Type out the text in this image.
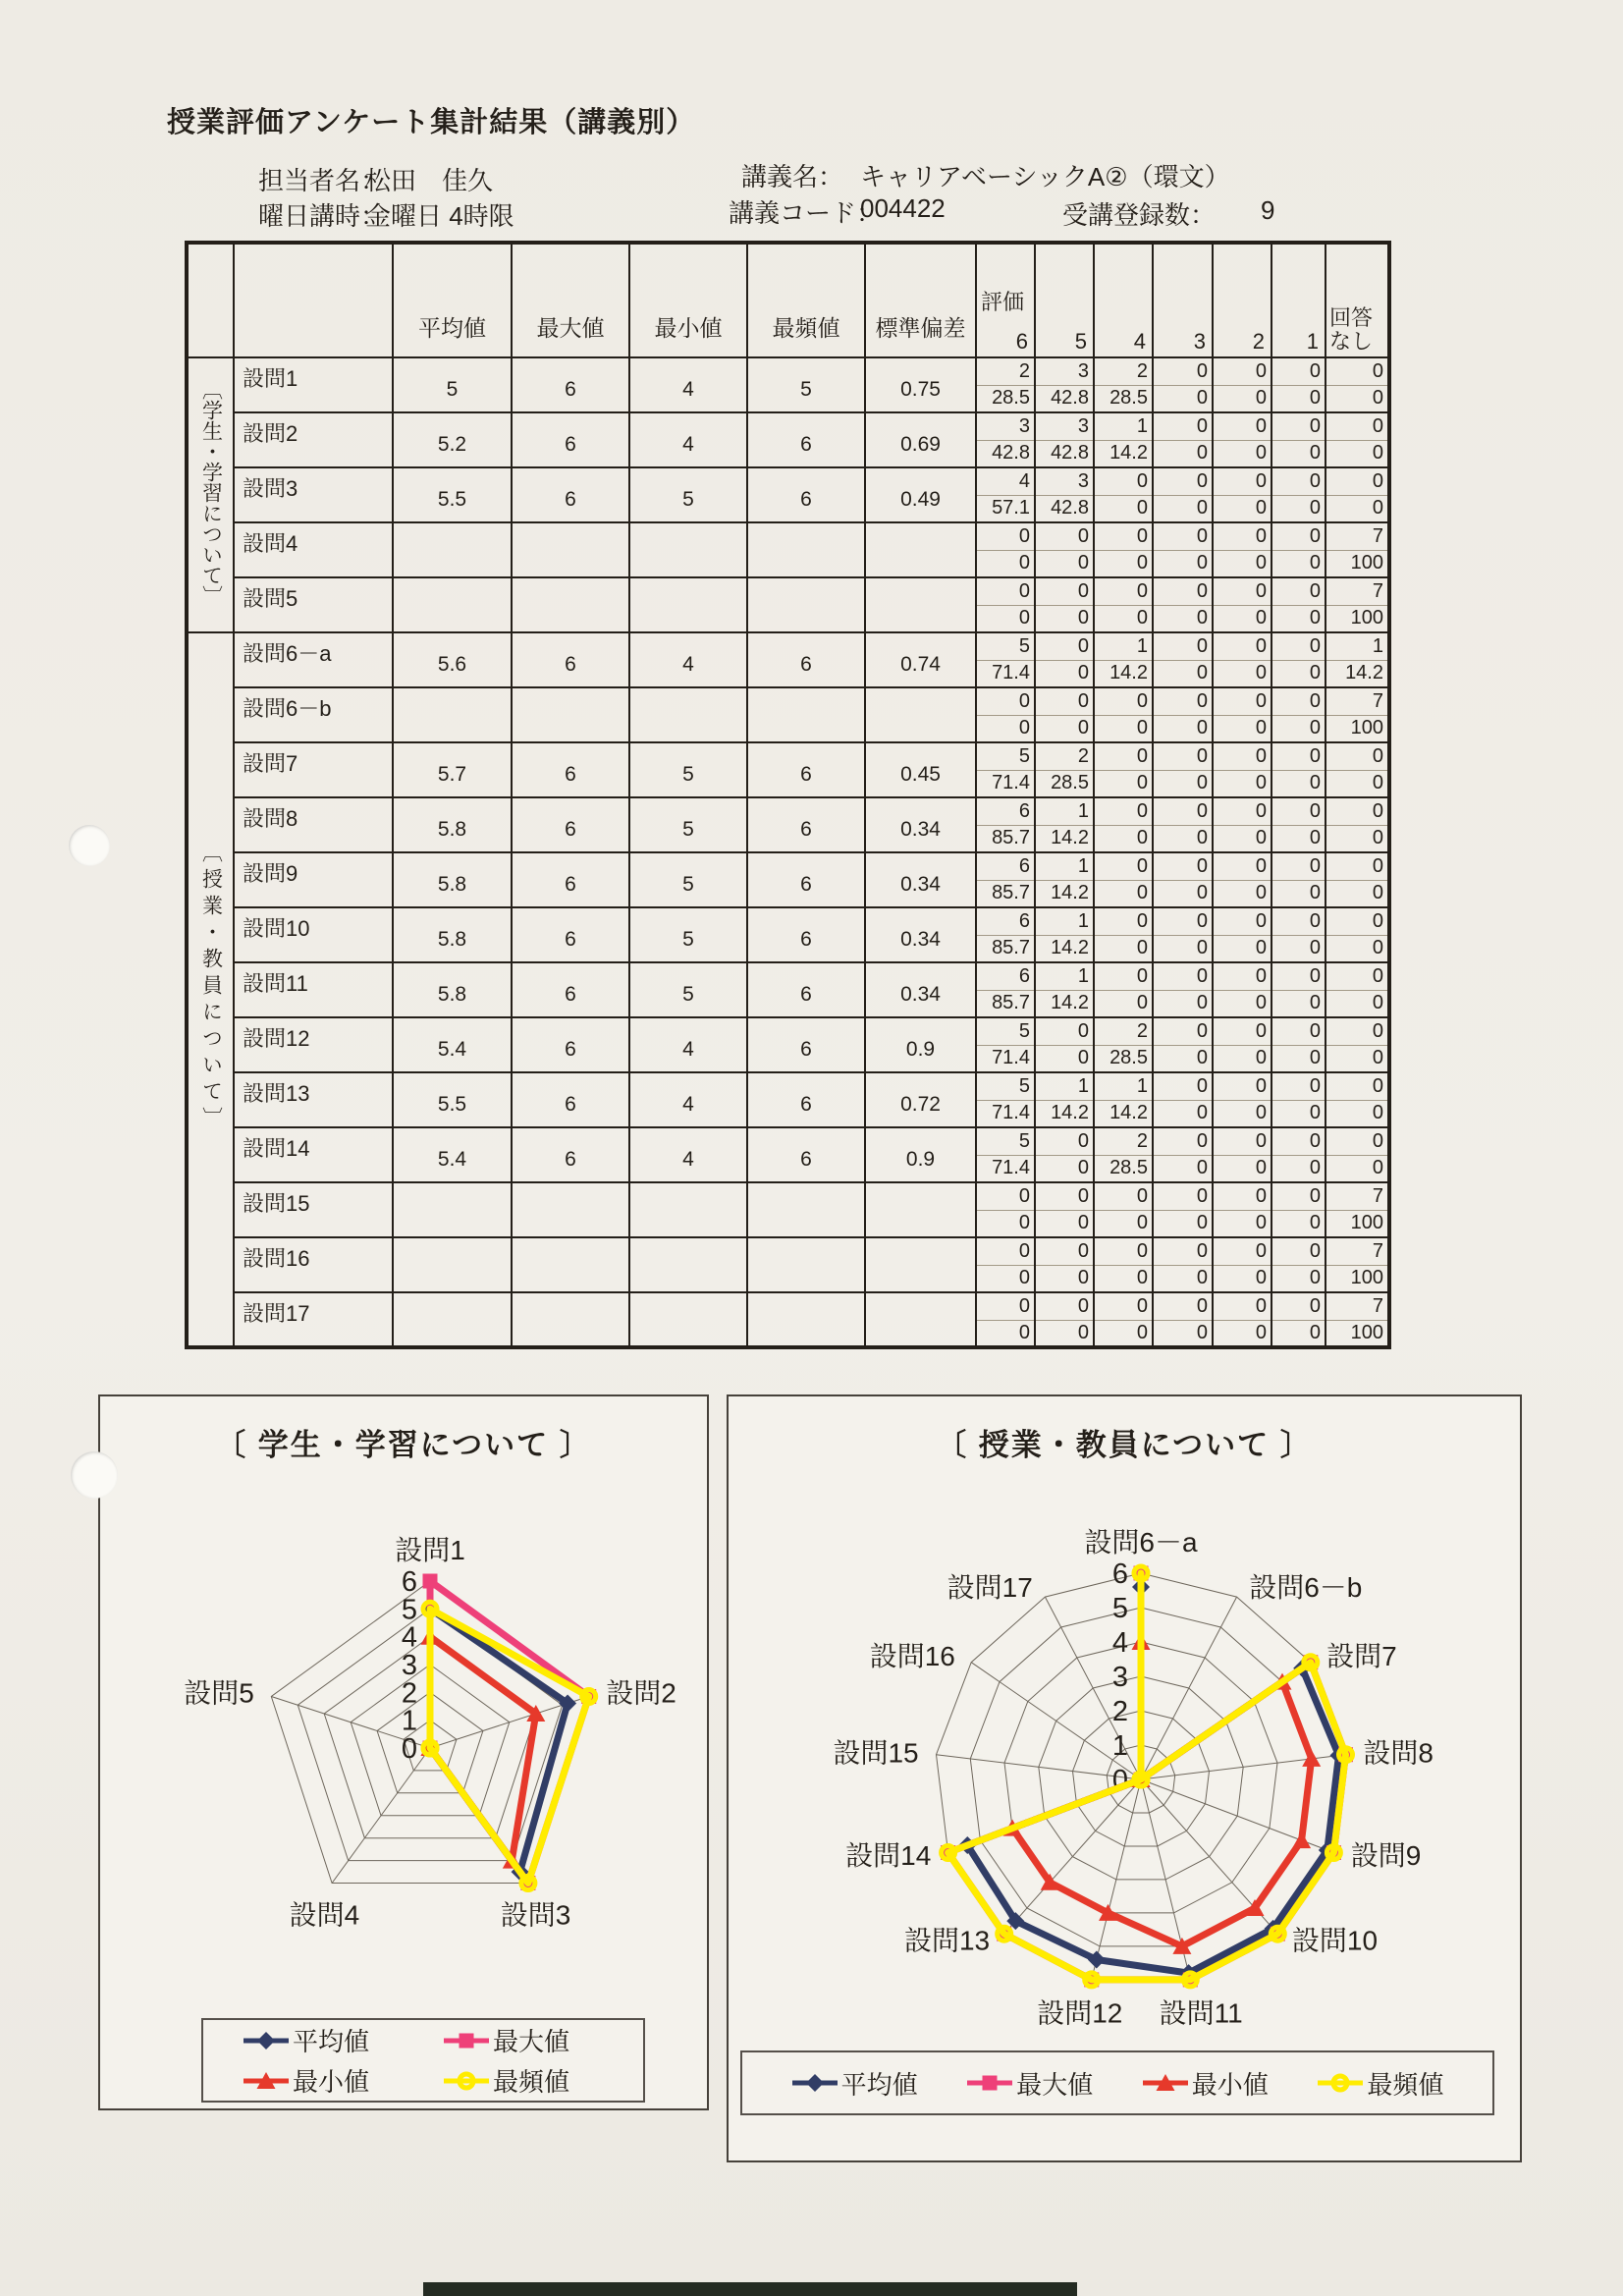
授業評価アンケート集計結果（講義別）
担当者名：
松田　佳久	講義名： キャリアベーシックA②（環文）
曜日講時：
金曜日 4時限	講義コード：
004422	受講登録数： 9
		平均値	最大値	最小値	最頻値	標準偏差	
評価
6	5	4	3	2	1	回答
なし
〔学生・学習について〕	設問1	5	6	4	5	0.75	2	3	2	0	0	0	0
							28.5	42.8	28.5	0	0	0	0
	設問2	5.2	6	4	6	0.69	3	3	1	0	0	0	0
							42.8	42.8	14.2	0	0	0	0
	設問3	5.5	6	5	6	0.49	4	3	0	0	0	0	0
							57.1	42.8	0	0	0	0	0
	設問4						0	0	0	0	0	0	7
							0	0	0	0	0	0	100
	設問5						0	0	0	0	0	0	7
							0	0	0	0	0	0	100
〔授業・教員について〕	設問6－a	5.6	6	4	6	0.74	5	0	1	0	0	0	1
							71.4	0	14.2	0	0	0	14.2
	設問6－b						0	0	0	0	0	0	7
							0	0	0	0	0	0	100
	設問7	5.7	6	5	6	0.45	5	2	0	0	0	0	0
							71.4	28.5	0	0	0	0	0
	設問8	5.8	6	5	6	0.34	6	1	0	0	0	0	0
							85.7	14.2	0	0	0	0	0
	設問9	5.8	6	5	6	0.34	6	1	0	0	0	0	0
							85.7	14.2	0	0	0	0	0
	設問10	5.8	6	5	6	0.34	6	1	0	0	0	0	0
							85.7	14.2	0	0	0	0	0
	設問11	5.8	6	5	6	0.34	6	1	0	0	0	0	0
							85.7	14.2	0	0	0	0	0
	設問12	5.4	6	4	6	0.9	5	0	2	0	0	0	0
							71.4	0	28.5	0	0	0	0
	設問13	5.5	6	4	6	0.72	5	1	1	0	0	0	0
							71.4	14.2	14.2	0	0	0	0
	設問14	5.4	6	4	6	0.9	5	0	2	0	0	0	0
							71.4	0	28.5	0	0	0	0
	設問15						0	0	0	0	0	0	7
							0	0	0	0	0	0	100
	設問16						0	0	0	0	0	0	7
							0	0	0	0	0	0	100
	設問17						0	0	0	0	0	0	7
							0	0	0	0	0	0	100
0
1
2
3
4
5
6
設問1
設問2
設問3
設問4
設問5
〔 学生・学習について 〕
平均値	最大値
最小値	最頻値
0
1
2
3
4
5
6
設問6－a
設問6－b
設問7
設問8
設問9
設問10
設問11
設問12
設問13
設問14
設問15
設問16
設問17
〔 授業・教員について 〕
平均値	最大値	最小値	最頻値
